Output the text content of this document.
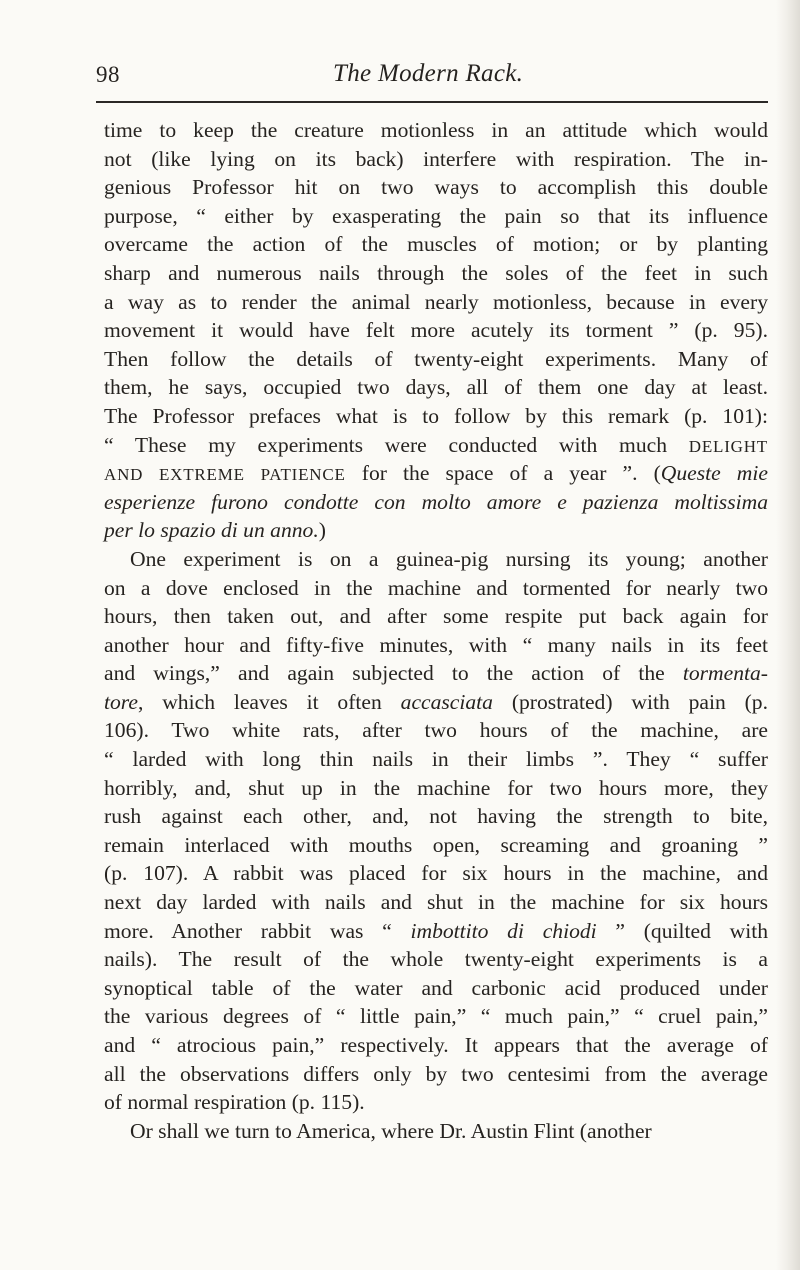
98	The Modern Rack.
time to keep the creature motionless in an attitude which would
not (like lying on its back) interfere with respiration. The in-
genious Professor hit on two ways to accomplish this double
purpose, “ either by exasperating the pain so that its influence
overcame the action of the muscles of motion; or by planting
sharp and numerous nails through the soles of the feet in such
a way as to render the animal nearly motionless, because in every
movement it would have felt more acutely its torment ” (p. 95).
Then follow the details of twenty-eight experiments. Many of
them, he says, occupied two days, all of them one day at least.
The Professor prefaces what is to follow by this remark (p. 101):
“ These my experiments were conducted with much DELIGHT
AND EXTREME PATIENCE for the space of a year ”. (Queste mie
esperienze furono condotte con molto amore e pazienza moltissima
per lo spazio di un anno.)
One experiment is on a guinea-pig nursing its young; another
on a dove enclosed in the machine and tormented for nearly two
hours, then taken out, and after some respite put back again for
another hour and fifty-five minutes, with “ many nails in its feet
and wings,” and again subjected to the action of the tormenta-
tore, which leaves it often accasciata (prostrated) with pain (p.
106). Two white rats, after two hours of the machine, are
“ larded with long thin nails in their limbs ”. They “ suffer
horribly, and, shut up in the machine for two hours more, they
rush against each other, and, not having the strength to bite,
remain interlaced with mouths open, screaming and groaning ”
(p. 107). A rabbit was placed for six hours in the machine, and
next day larded with nails and shut in the machine for six hours
more. Another rabbit was “ imbottito di chiodi ” (quilted with
nails). The result of the whole twenty-eight experiments is a
synoptical table of the water and carbonic acid produced under
the various degrees of “ little pain,” “ much pain,” “ cruel pain,”
and “ atrocious pain,” respectively. It appears that the average of
all the observations differs only by two centesimi from the average
of normal respiration (p. 115).
Or shall we turn to America, where Dr. Austin Flint (another
